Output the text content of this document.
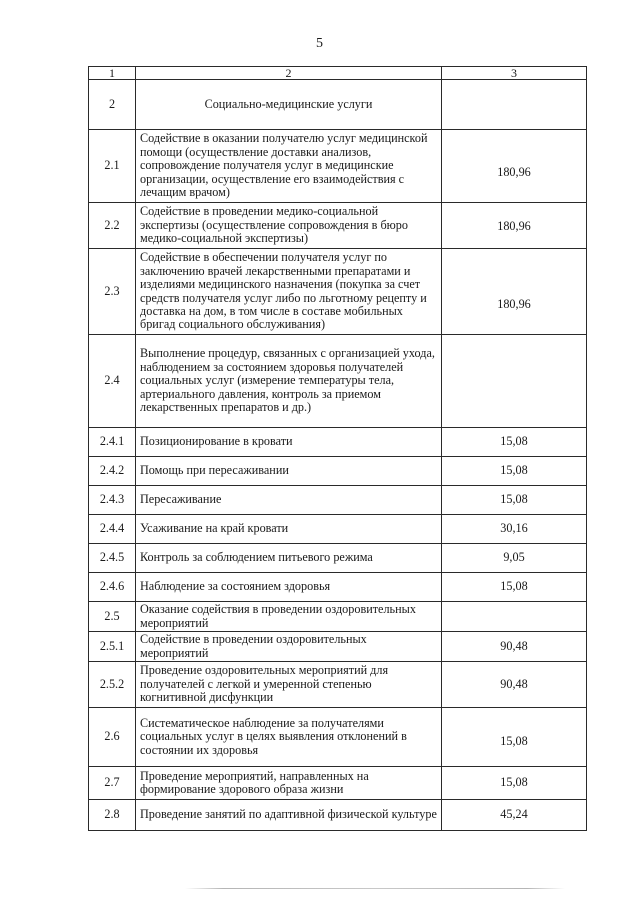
5
1	2	3
2	Социально-медицинские услуги	
2.1	Содействие в оказании получателю услуг медицинской помощи (осуществление доставки анализов, сопровождение получателя услуг в медицинские организации, осуществление его взаимодействия с лечащим врачом)	180,96

2.2	Содействие в проведении медико-социальной экспертизы (осуществление сопровождения в бюро медико-социальной экспертизы)	180,96

2.3	Содействие в обеспечении получателя услуг по заключению врачей лекарственными препаратами и изделиями медицинского назначения (покупка за счет средств получателя услуг либо по льготному рецепту и доставка на дом, в том числе в составе мобильных бригад социального обслуживания)	180,96

2.4	Выполнение процедур, связанных с организацией ухода, наблюдением за состоянием здоровья получателей социальных услуг (измерение температуры тела, артериального давления, контроль за приемом лекарственных препаратов и др.)	
2.4.1	Позиционирование в кровати	15,08
2.4.2	Помощь при пересаживании	15,08
2.4.3	Пересаживание	15,08
2.4.4	Усаживание на край кровати	30,16
2.4.5	Контроль за соблюдением питьевого режима	9,05
2.4.6	Наблюдение за состоянием здоровья	15,08
2.5	Оказание содействия в проведении оздоровительных мероприятий	
2.5.1	Содействие в проведении оздоровительных мероприятий	90,48
2.5.2	Проведение оздоровительных мероприятий для получателей с легкой и умеренной степенью когнитивной дисфункции	90,48
2.6	Систематическое наблюдение за получателями социальных услуг в целях выявления отклонений в состоянии их здоровья	15,08

2.7	Проведение мероприятий, направленных на формирование здорового образа жизни	15,08
2.8	Проведение занятий по адаптивной физической культуре	45,24
